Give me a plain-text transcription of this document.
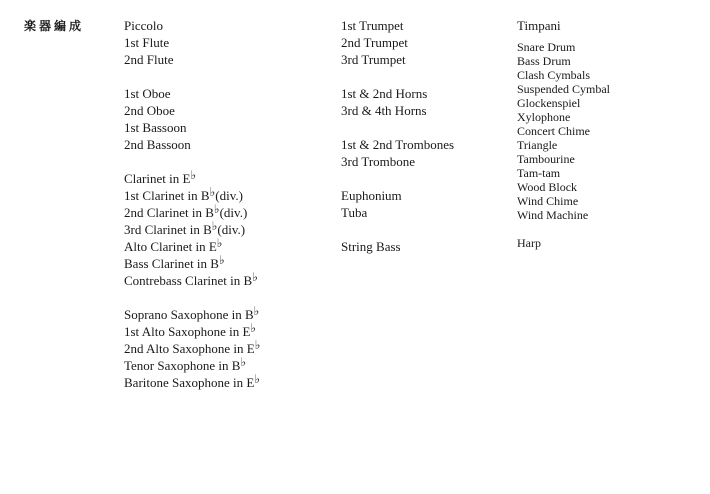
楽器編成	Piccolo
1st Flute
2nd Flute
1st Oboe
2nd Oboe
1st Bassoon
2nd Bassoon
Clarinet in E♭
1st Clarinet in B♭(div.)
2nd Clarinet in B♭(div.)
3rd Clarinet in B♭(div.)
Alto Clarinet in E♭
Bass Clarinet in B♭
Contrebass Clarinet in B♭
Soprano Saxophone in B♭
1st Alto Saxophone in E♭
2nd Alto Saxophone in E♭
Tenor Saxophone in B♭
Baritone Saxophone in E♭
1st Trumpet
2nd Trumpet
3rd Trumpet
1st & 2nd Horns
3rd & 4th Horns
1st & 2nd Trombones
3rd Trombone
Euphonium
Tuba
String Bass
Timpani
Snare Drum
Bass Drum
Clash Cymbals
Suspended Cymbal
Glockenspiel
Xylophone
Concert Chime
Triangle
Tambourine
Tam-tam
Wood Block
Wind Chime
Wind Machine
Harp
